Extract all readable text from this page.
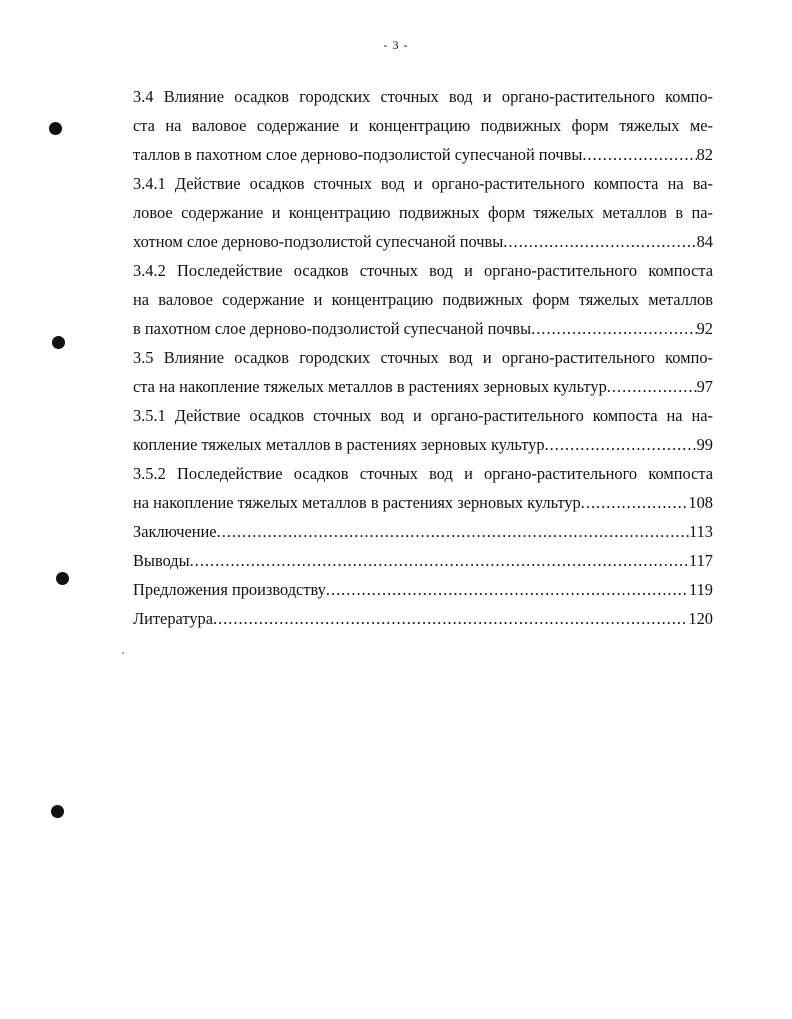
- 3 -
3.4 Влияние осадков городских сточных вод и органо-растительного компо-
ста на валовое содержание и концентрацию подвижных форм тяжелых ме-
таллов в пахотном слое дерново-подзолистой супесчаной почвы .....	82
3.4.1 Действие осадков сточных вод и органо-растительного компоста на ва-
ловое содержание и концентрацию подвижных форм тяжелых металлов в па-
хотном слое дерново-подзолистой супесчаной почвы .....	84
3.4.2 Последействие осадков сточных вод и органо-растительного компоста
на валовое содержание и концентрацию подвижных форм тяжелых металлов
в пахотном слое дерново-подзолистой супесчаной почвы .....	92
3.5 Влияние осадков городских сточных вод и органо-растительного компо-
ста на накопление тяжелых металлов в растениях зерновых культур .....	97
3.5.1 Действие осадков сточных вод и органо-растительного компоста на на-
копление тяжелых металлов в растениях зерновых культур .....	99
3.5.2 Последействие осадков сточных вод и органо-растительного компоста
на накопление тяжелых металлов в растениях зерновых культур .....	108
Заключение .....	113
Выводы .....	117
Предложения производству .....	119
Литература .....	120
